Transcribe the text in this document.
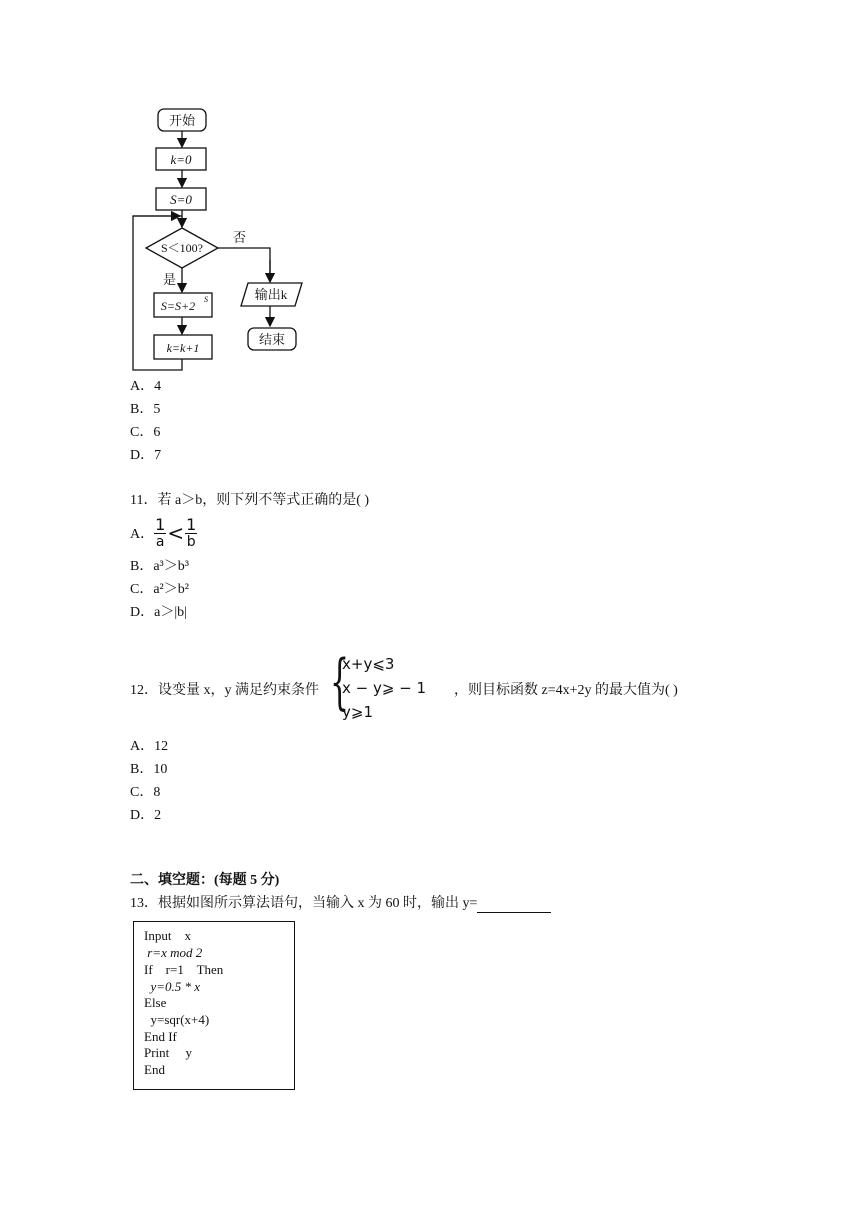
开始
k=0
S=0
S＜100?
否
是
S=S+2 S
k=k+1
输出k
结束
A．4
B．5
C．6
D．7
11．若 a＞b，则下列不等式正确的是( )
A． $\frac{1}{a} < \frac{1}{b}$
B．a³＞b³
C．a²＞b²
D．a＞|b|
12．设变量 x，y 满足约束条件 {
x+y⩽3
x − y⩾ − 1
y⩾1
，则目标函数 z=4x+2y 的最大值为( )
A．12
B．10
C．8
D．2
二、填空题：(每题 5 分)
13．根据如图所示算法语句，当输入 x 为 60 时，输出 y=
Input    x
r=x mod 2
If    r=1    Then
y=0.5 * x
Else
y=sqr(x+4)
End If
Print     y
End
